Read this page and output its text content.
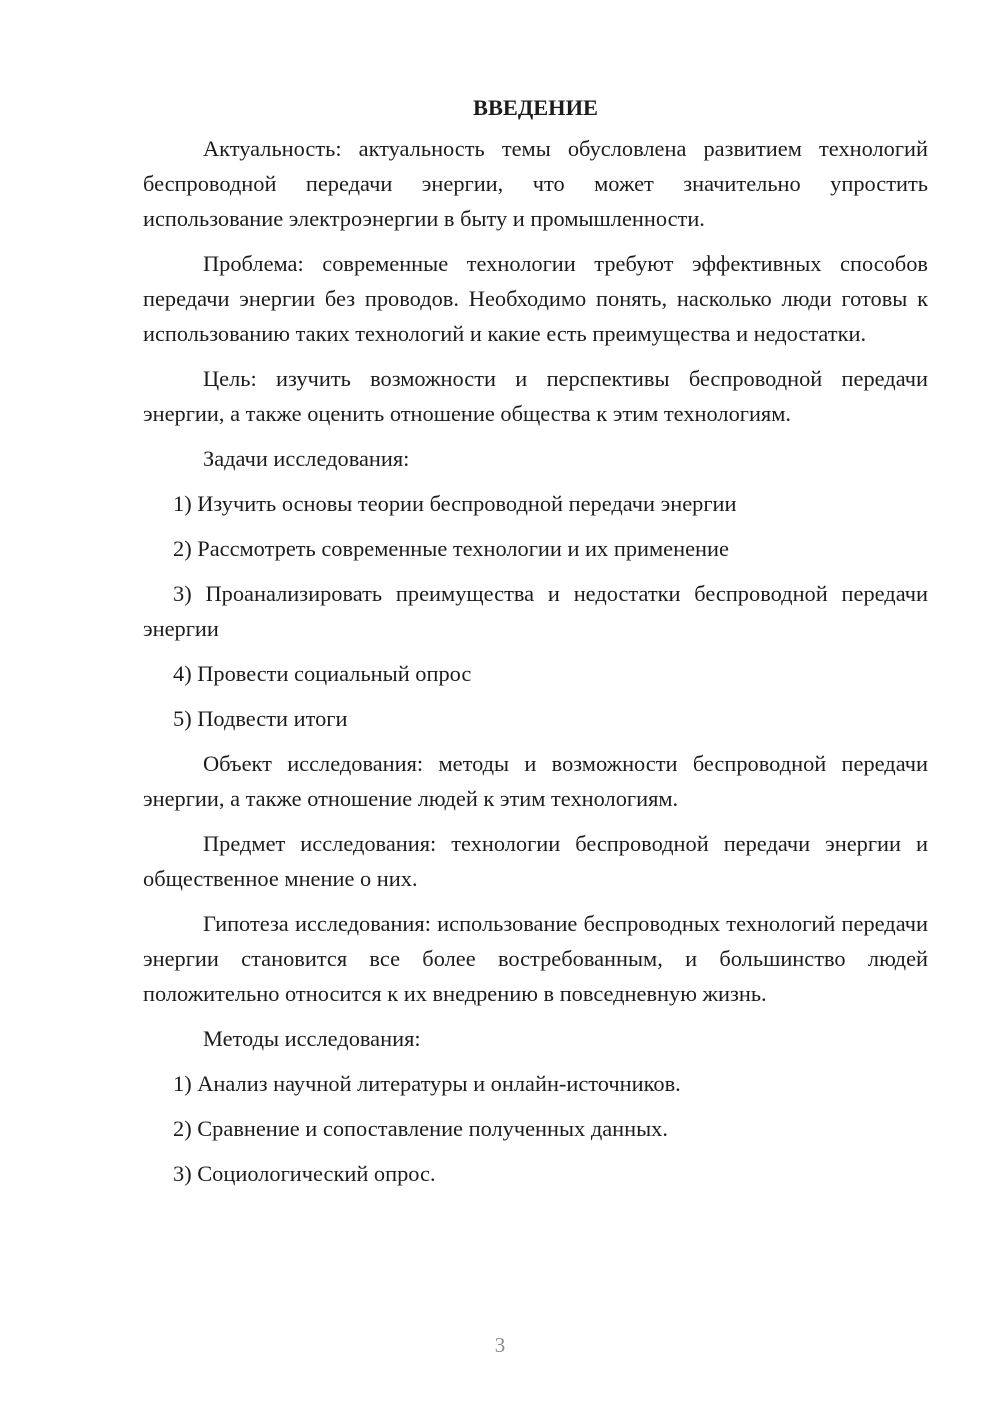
ВВЕДЕНИЕ

Актуальность: актуальность темы обусловлена развитием технологий беспроводной передачи энергии, что может значительно упростить использование электроэнергии в быту и промышленности.

Проблема: современные технологии требуют эффективных способов передачи энергии без проводов. Необходимо понять, насколько люди готовы к использованию таких технологий и какие есть преимущества и недостатки.

Цель: изучить возможности и перспективы беспроводной передачи энергии, а также оценить отношение общества к этим технологиям.

Задачи исследования:

1) Изучить основы теории беспроводной передачи энергии

2) Рассмотреть современные технологии и их применение

3) Проанализировать преимущества и недостатки беспроводной передачи энергии

4) Провести социальный опрос

5) Подвести итоги

Объект исследования: методы и возможности беспроводной передачи энергии, а также отношение людей к этим технологиям.

Предмет исследования: технологии беспроводной передачи энергии и общественное мнение о них.

Гипотеза исследования: использование беспроводных технологий передачи энергии становится все более востребованным, и большинство людей положительно относится к их внедрению в повседневную жизнь.

Методы исследования:

1) Анализ научной литературы и онлайн-источников.

2) Сравнение и сопоставление полученных данных.

3) Социологический опрос.

3
